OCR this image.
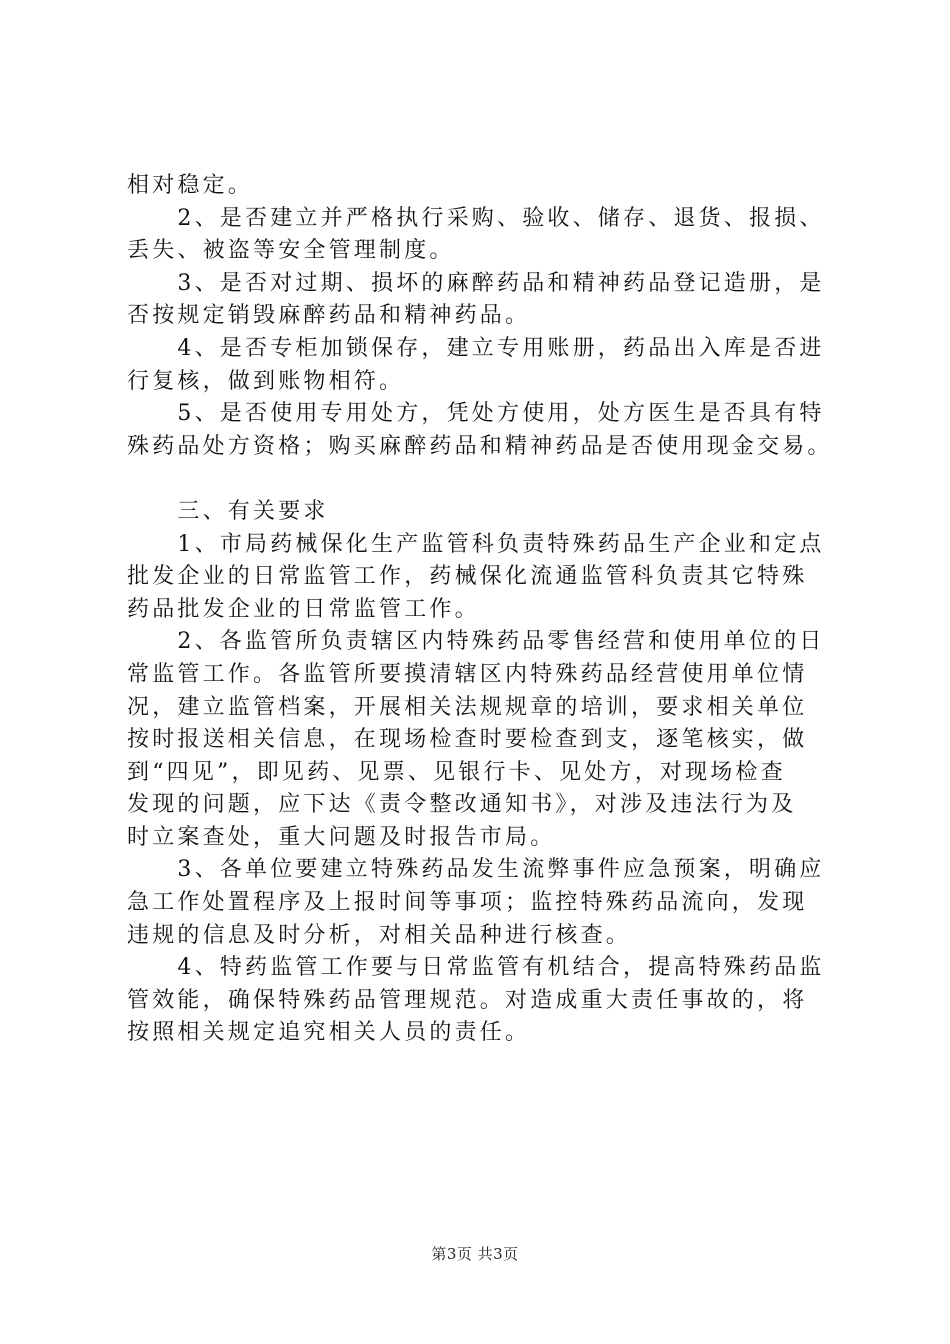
相对稳定。
　　2、是否建立并严格执行采购、验收、储存、退货、报损、
丢失、被盗等安全管理制度。
　　3、是否对过期、损坏的麻醉药品和精神药品登记造册，是
否按规定销毁麻醉药品和精神药品。
　　4、是否专柜加锁保存，建立专用账册，药品出入库是否进
行复核，做到账物相符。
　　5、是否使用专用处方，凭处方使用，处方医生是否具有特
殊药品处方资格；购买麻醉药品和精神药品是否使用现金交易。
　　三、有关要求
　　1、市局药械保化生产监管科负责特殊药品生产企业和定点
批发企业的日常监管工作，药械保化流通监管科负责其它特殊
药品批发企业的日常监管工作。
　　2、各监管所负责辖区内特殊药品零售经营和使用单位的日
常监管工作。各监管所要摸清辖区内特殊药品经营使用单位情
况，建立监管档案，开展相关法规规章的培训，要求相关单位
按时报送相关信息，在现场检查时要检查到支，逐笔核实，做
到“四见”，即见药、见票、见银行卡、见处方，对现场检查
发现的问题，应下达《责令整改通知书》，对涉及违法行为及
时立案查处，重大问题及时报告市局。
　　3、各单位要建立特殊药品发生流弊事件应急预案，明确应
急工作处置程序及上报时间等事项；监控特殊药品流向，发现
违规的信息及时分析，对相关品种进行核查。
　　4、特药监管工作要与日常监管有机结合，提高特殊药品监
管效能，确保特殊药品管理规范。对造成重大责任事故的，将
按照相关规定追究相关人员的责任。
第3页 共3页
